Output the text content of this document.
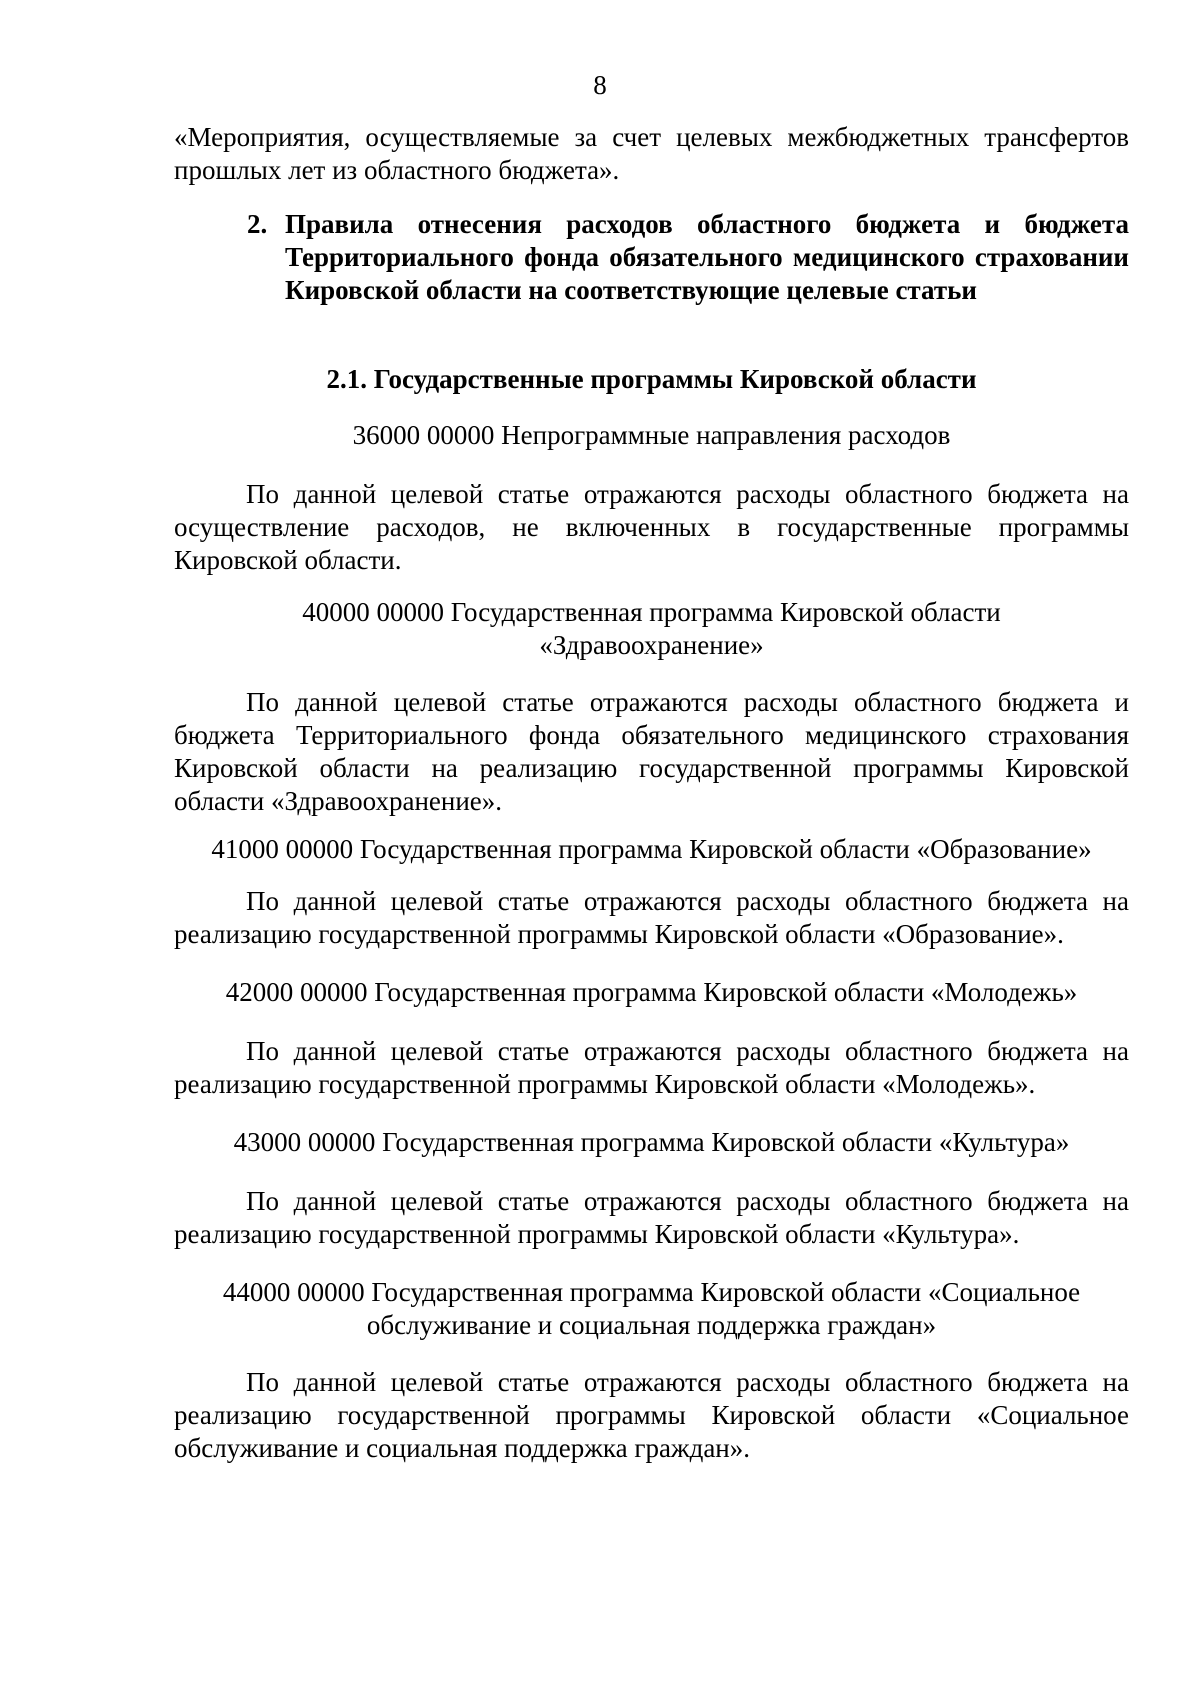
8
«Мероприятия, осуществляемые за счет целевых межбюджетных трансфертов прошлых лет из областного бюджета».
2. Правила отнесения расходов областного бюджета и бюджета Территориального фонда обязательного медицинского страховании Кировской области на соответствующие целевые статьи
2.1. Государственные программы Кировской области
36000 00000 Непрограммные направления расходов
По данной целевой статье отражаются расходы областного бюджета на осуществление расходов, не включенных в государственные программы Кировской области.
40000 00000 Государственная программа Кировской области
«Здравоохранение»
По данной целевой статье отражаются расходы областного бюджета и бюджета Территориального фонда обязательного медицинского страхования Кировской области на реализацию государственной программы Кировской области «Здравоохранение».
41000 00000 Государственная программа Кировской области «Образование»
По данной целевой статье отражаются расходы областного бюджета на реализацию государственной программы Кировской области «Образование».
42000 00000 Государственная программа Кировской области «Молодежь»
По данной целевой статье отражаются расходы областного бюджета на реализацию государственной программы Кировской области «Молодежь».
43000 00000 Государственная программа Кировской области «Культура»
По данной целевой статье отражаются расходы областного бюджета на реализацию государственной программы Кировской области «Культура».
44000 00000 Государственная программа Кировской области «Социальное
обслуживание и социальная поддержка граждан»
По данной целевой статье отражаются расходы областного бюджета на реализацию государственной программы Кировской области «Социальное обслуживание и социальная поддержка граждан».
